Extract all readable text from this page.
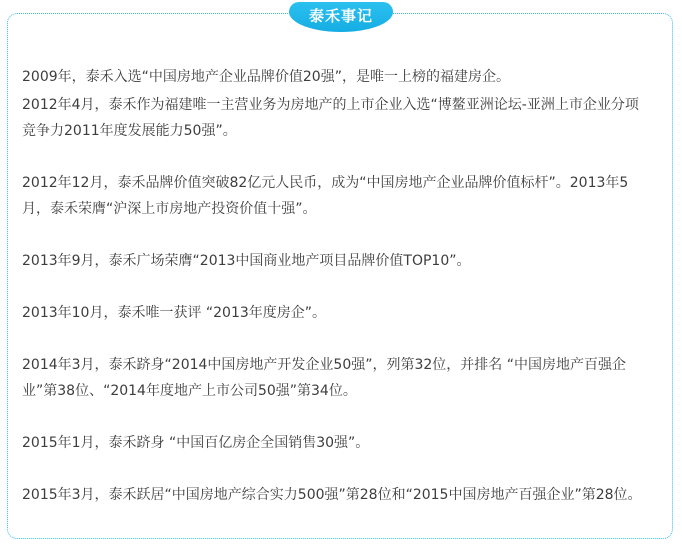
泰禾事记

2009年，泰禾入选“中国房地产企业品牌价值20强”，是唯一上榜的福建房企。

2012年4月，泰禾作为福建唯一主营业务为房地产的上市企业入选“博鳌亚洲论坛-亚洲上市企业分项竞争力2011年度发展能力50强”。

2012年12月，泰禾品牌价值突破82亿元人民币，成为“中国房地产企业品牌价值标杆”。2013年5月，泰禾荣膺“沪深上市房地产投资价值十强”。

2013年9月，泰禾广场荣膺“2013中国商业地产项目品牌价值TOP10”。

2013年10月，泰禾唯一获评 “2013年度房企”。

2014年3月，泰禾跻身“2014中国房地产开发企业50强”，列第32位，并排名 “中国房地产百强企业”第38位、“2014年度地产上市公司50强”第34位。

2015年1月，泰禾跻身 “中国百亿房企全国销售30强”。

2015年3月，泰禾跃居“中国房地产综合实力500强”第28位和“2015中国房地产百强企业”第28位。
